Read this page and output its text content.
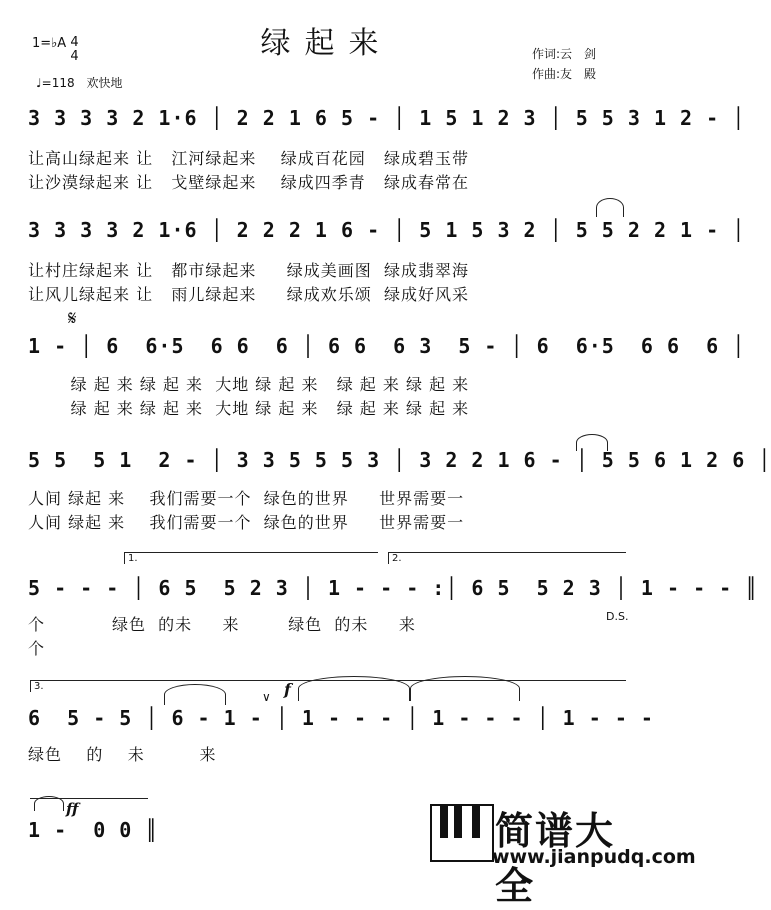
绿起来
1=♭A 4
4
♩=118 欢快地
作词:云　剑
作曲:友　殿
3 3 3 3 2 1·6 │ 2 2 1 6 5 - │ 1 5 1 2 3 │ 5 5 3 1 2 - │
让高山绿起来 让   江河绿起来    绿成百花园   绿成碧玉带
让沙漠绿起来 让   戈壁绿起来    绿成四季青   绿成春常在
3 3 3 3 2 1·6 │ 2 2 2 1 6 - │ 5 1 5 3 2 │ 5 5 2 2 1 - │
让村庄绿起来 让   都市绿起来     绿成美画图  绿成翡翠海
让风儿绿起来 让   雨儿绿起来     绿成欢乐颂  绿成好风采
𝄋
1 - │ 6  6·5  6 6  6 │ 6 6  6 3  5 - │ 6  6·5  6 6  6 │
绿 起 来 绿 起 来  大地 绿 起 来   绿 起 来 绿 起 来
绿 起 来 绿 起 来  大地 绿 起 来   绿 起 来 绿 起 来
5 5  5 1  2 - │ 3 3 5 5 5 3 │ 3 2 2 1 6 - │ 5 5 6 1 2 6 │
人间 绿起 来    我们需要一个  绿色的世界     世界需要一
人间 绿起 来    我们需要一个  绿色的世界     世界需要一
1.	2.
5 - - - │ 6 5  5 2 3 │ 1 - - - :│ 6 5  5 2 3 │ 1 - - - ║
D.S.
个           绿色  的未     来        绿色  的未     来
个
3.
∨ f
6  5 - 5 │ 6 - 1 - │ 1 - - - │ 1 - - - │ 1 - - -
绿色    的    未         来
ff
1 -  0 0 ║	简谱大全
www.jianpudq.com
